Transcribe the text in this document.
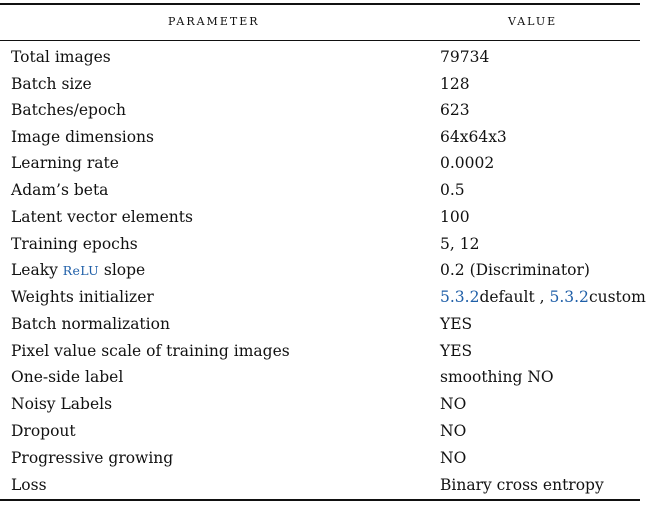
PARAMETER	VALUE
Total images	79734
Batch size	128
Batches/epoch	623
Image dimensions	64x64x3
Learning rate	0.0002
Adam’s beta	0.5
Latent vector elements	100
Training epochs	5, 12
Leaky ReLU slope	0.2 (Discriminator)
Weights initializer	5.3.2default , 5.3.2custom
Batch normalization	YES
Pixel value scale of training images	YES
One-side label	smoothing NO
Noisy Labels	NO
Dropout	NO
Progressive growing	NO
Loss	Binary cross entropy
